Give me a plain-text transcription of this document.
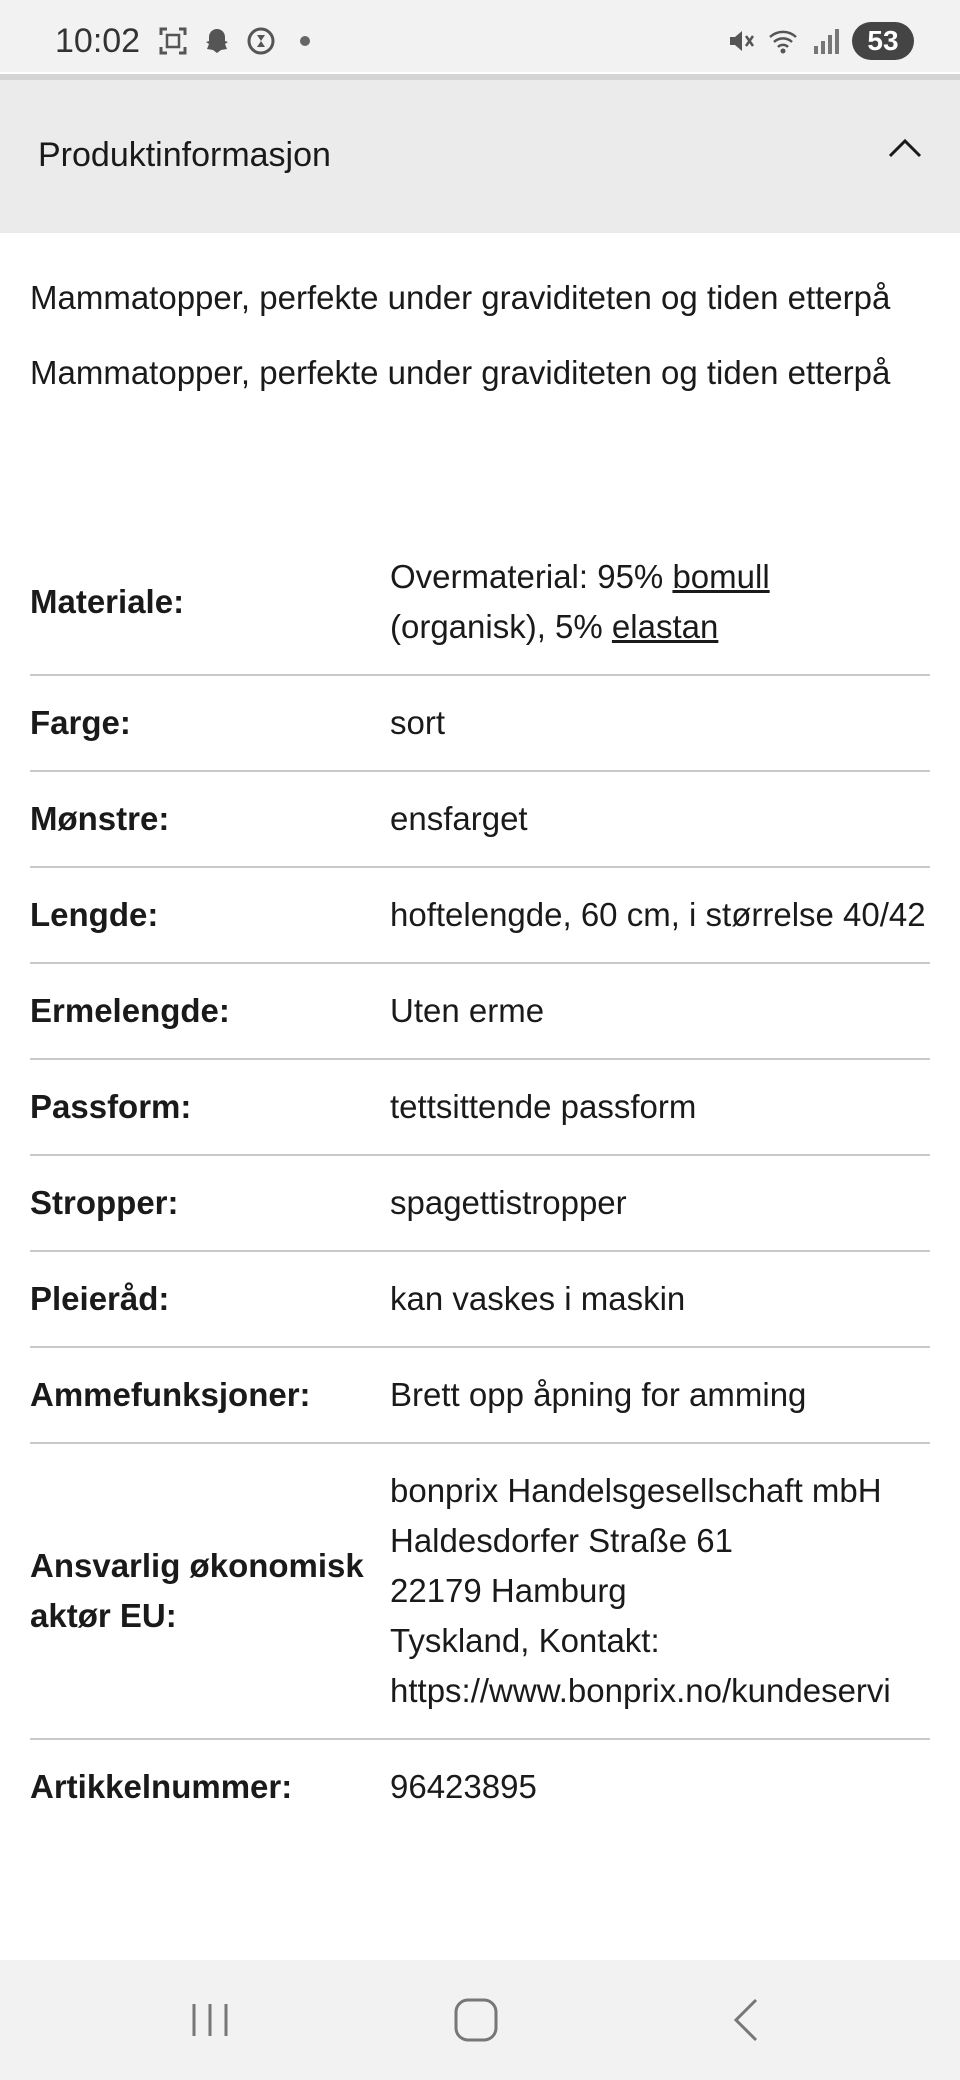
10:02	53
Produktinformasjon

Mammatopper, perfekte under graviditeten og tiden etterpå

Mammatopper, perfekte under graviditeten og tiden etterpå

Materiale:
Overmaterial: 95% bomull (organisk), 5% elastan
Farge:	sort
Mønstre:	ensfarget
Lengde:	hoftelengde, 60 cm, i størrelse 40/42
Ermelengde:	Uten erme
Passform:	tettsittende passform
Stropper:	spagettistropper
Pleieråd:	kan vaskes i maskin
Ammefunksjoner:	Brett opp åpning for amming
Ansvarlig økonomisk aktør EU:
bonprix Handelsgesellschaft mbH
Haldesdorfer Straße 61
22179 Hamburg
Tyskland, Kontakt:
https://www.bonprix.no/kundeservi
Artikkelnummer:	96423895
